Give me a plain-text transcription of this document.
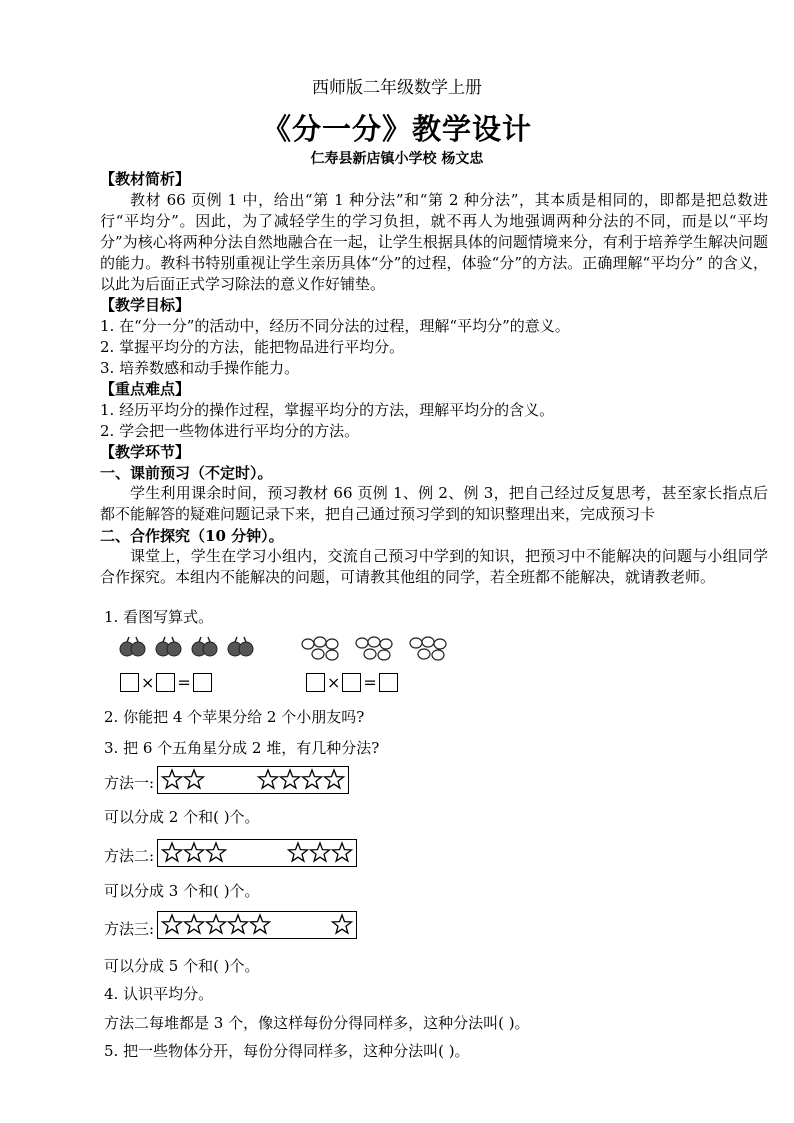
西师版二年级数学上册
《分一分》教学设计
仁寿县新店镇小学校 杨文忠
【教材简析】
教材 66 页例 1 中，给出“第 1 种分法”和“第 2 种分法”，其本质是相同的，即都是把总数进行“平均分”。因此，为了减轻学生的学习负担，就不再人为地强调两种分法的不同，而是以“平均分”为核心将两种分法自然地融合在一起，让学生根据具体的问题情境来分，有利于培养学生解决问题的能力。教科书特别重视让学生亲历具体“分”的过程，体验“分”的方法。正确理解“平均分” 的含义，以此为后面正式学习除法的意义作好铺垫。
【教学目标】
1. 在“分一分”的活动中，经历不同分法的过程，理解“平均分”的意义。
2. 掌握平均分的方法，能把物品进行平均分。
3. 培养数感和动手操作能力。
【重点难点】
1. 经历平均分的操作过程，掌握平均分的方法，理解平均分的含义。
2. 学会把一些物体进行平均分的方法。
【教学环节】
一、课前预习（不定时）。
学生利用课余时间，预习教材 66 页例 1、例 2、例 3，把自己经过反复思考，甚至家长指点后都不能解答的疑难问题记录下来，把自己通过预习学到的知识整理出来，完成预习卡
二、合作探究（10 分钟）。
课堂上，学生在学习小组内，交流自己预习中学到的知识，把预习中不能解决的问题与小组同学合作探究。本组内不能解决的问题，可请教其他组的同学，若全班都不能解决，就请教老师。
1. 看图写算式。
× =	× =
2. 你能把 4 个苹果分给 2 个小朋友吗?
3. 把 6 个五角星分成 2 堆，有几种分法?
方法一:
可以分成 2 个和( )个。
方法二:
可以分成 3 个和( )个。
方法三:
可以分成 5 个和( )个。
4. 认识平均分。
方法二每堆都是 3 个，像这样每份分得同样多，这种分法叫( )。
5. 把一些物体分开，每份分得同样多，这种分法叫( )。
